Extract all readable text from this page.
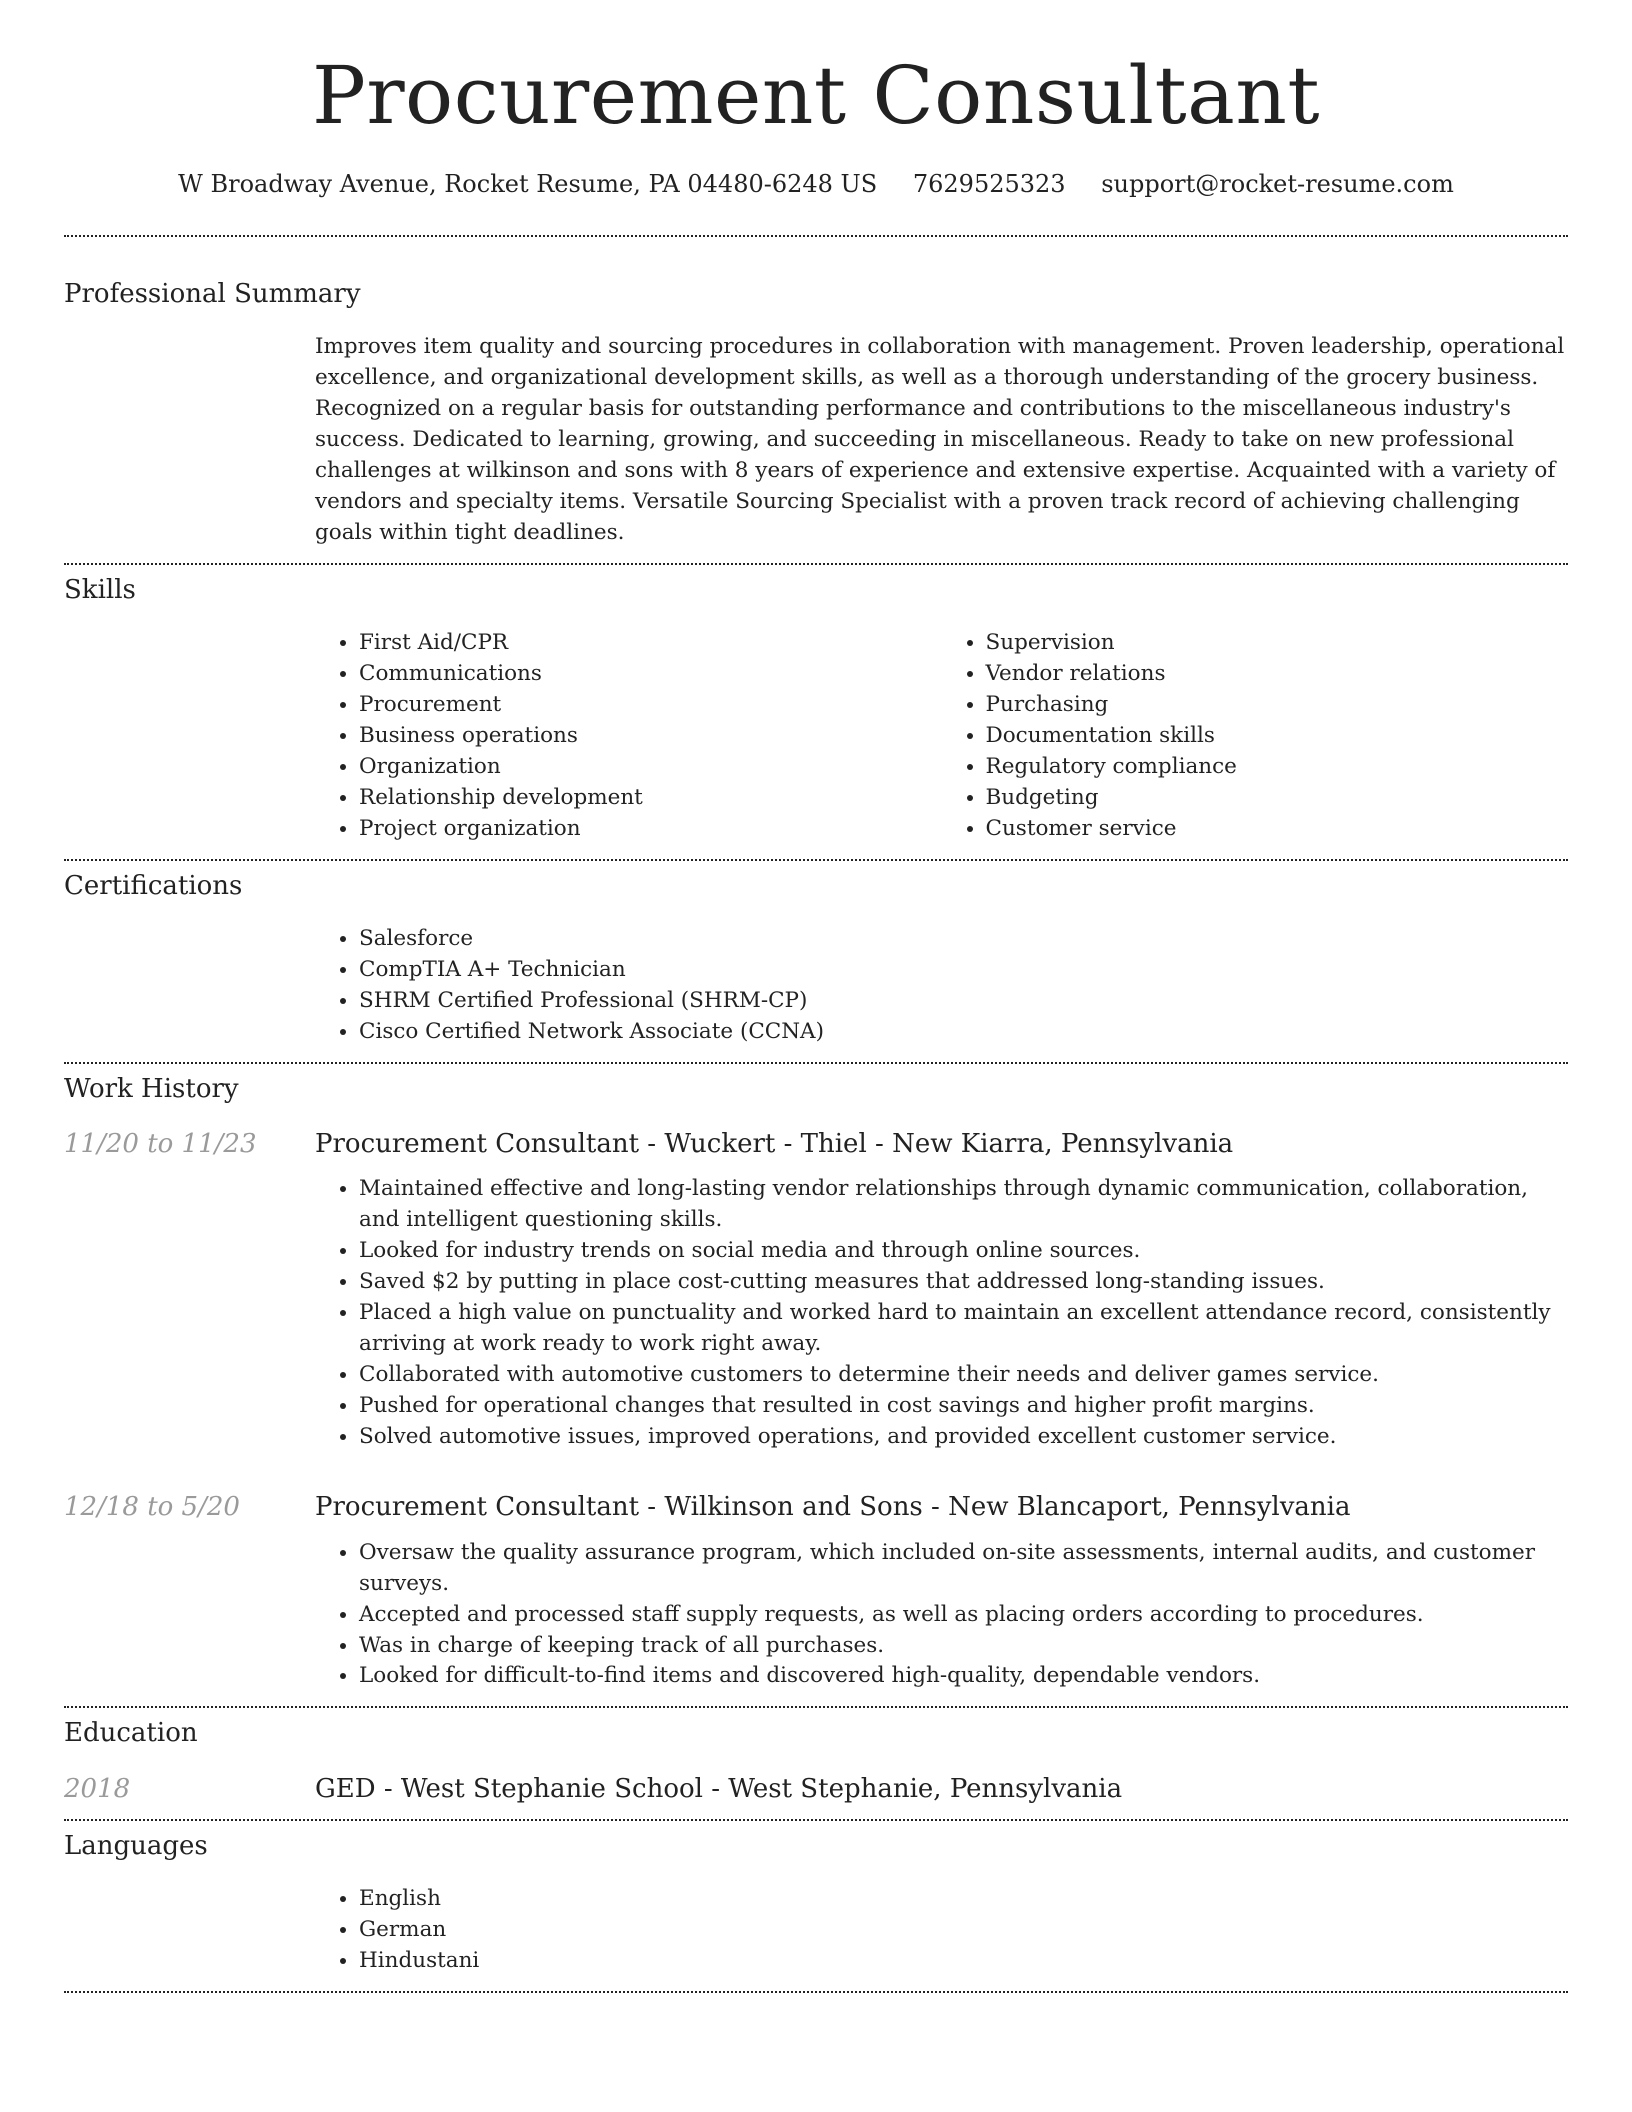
Procurement Consultant
W Broadway Avenue, Rocket Resume, PA 04480-6248 US 7629525323 support@rocket-resume.com
Professional Summary

Improves item quality and sourcing procedures in collaboration with management. Proven leadership, operational excellence, and organizational development skills, as well as a thorough understanding of the grocery business. Recognized on a regular basis for outstanding performance and contributions to the miscellaneous industry's success. Dedicated to learning, growing, and succeeding in miscellaneous. Ready to take on new professional challenges at wilkinson and sons with 8 years of experience and extensive expertise. Acquainted with a variety of vendors and specialty items. Versatile Sourcing Specialist with a proven track record of achieving challenging goals within tight deadlines.

Skills
• First Aid/CPR
• Communications
• Procurement
• Business operations
• Organization
• Relationship development
• Project organization
• Supervision
• Vendor relations
• Purchasing
• Documentation skills
• Regulatory compliance
• Budgeting
• Customer service
Certifications
• Salesforce
• CompTIA A+ Technician
• SHRM Certified Professional (SHRM-CP)
• Cisco Certified Network Associate (CCNA)
Work History
11/20 to 11/23 Procurement Consultant - Wuckert - Thiel - New Kiarra, Pennsylvania
• Maintained effective and long-lasting vendor relationships through dynamic communication, collaboration, and intelligent questioning skills.
• Looked for industry trends on social media and through online sources.
• Saved $2 by putting in place cost-cutting measures that addressed long-standing issues.
• Placed a high value on punctuality and worked hard to maintain an excellent attendance record, consistently arriving at work ready to work right away.
• Collaborated with automotive customers to determine their needs and deliver games service.
• Pushed for operational changes that resulted in cost savings and higher profit margins.
• Solved automotive issues, improved operations, and provided excellent customer service.
12/18 to 5/20	Procurement Consultant - Wilkinson and Sons - New Blancaport, Pennsylvania
• Oversaw the quality assurance program, which included on-site assessments, internal audits, and customer surveys.
• Accepted and processed staff supply requests, as well as placing orders according to procedures.
• Was in charge of keeping track of all purchases.
• Looked for difficult-to-find items and discovered high-quality, dependable vendors.
Education
2018	GED - West Stephanie School - West Stephanie, Pennsylvania
Languages
• English
• German
• Hindustani
